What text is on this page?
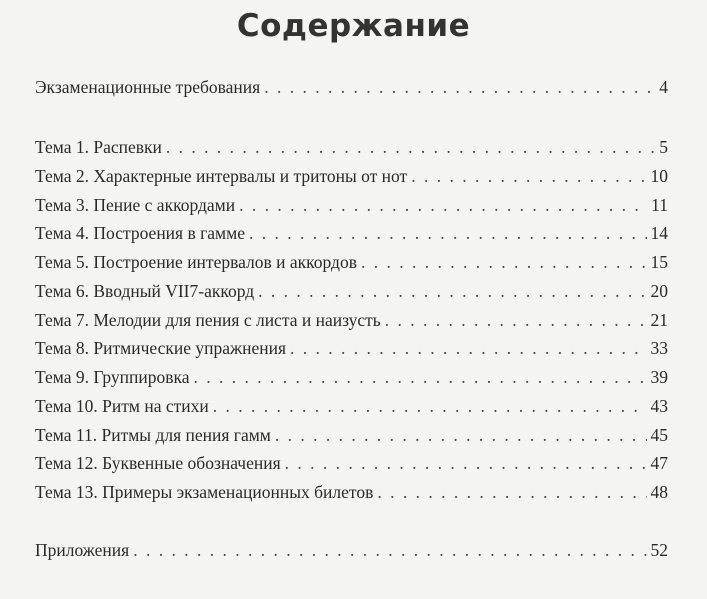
Содержание
Экзаменационные требования . . .	4
Тема 1. Распевки . . .	5
Тема 2. Характерные интервалы и тритоны от нот . . .	10
Тема 3. Пение с аккордами . . .	11
Тема 4. Построения в гамме . . .	14
Тема 5. Построение интервалов и аккордов . . .	15
Тема 6. Вводный VII7-аккорд . . .	20
Тема 7. Мелодии для пения с листа и наизусть . . .	21
Тема 8. Ритмические упражнения . . .	33
Тема 9. Группировка . . .	39
Тема 10. Ритм на стихи . . .	43
Тема 11. Ритмы для пения гамм . . .	45
Тема 12. Буквенные обозначения . . .	47
Тема 13. Примеры экзаменационных билетов . . .	48
Приложения . . .	52
